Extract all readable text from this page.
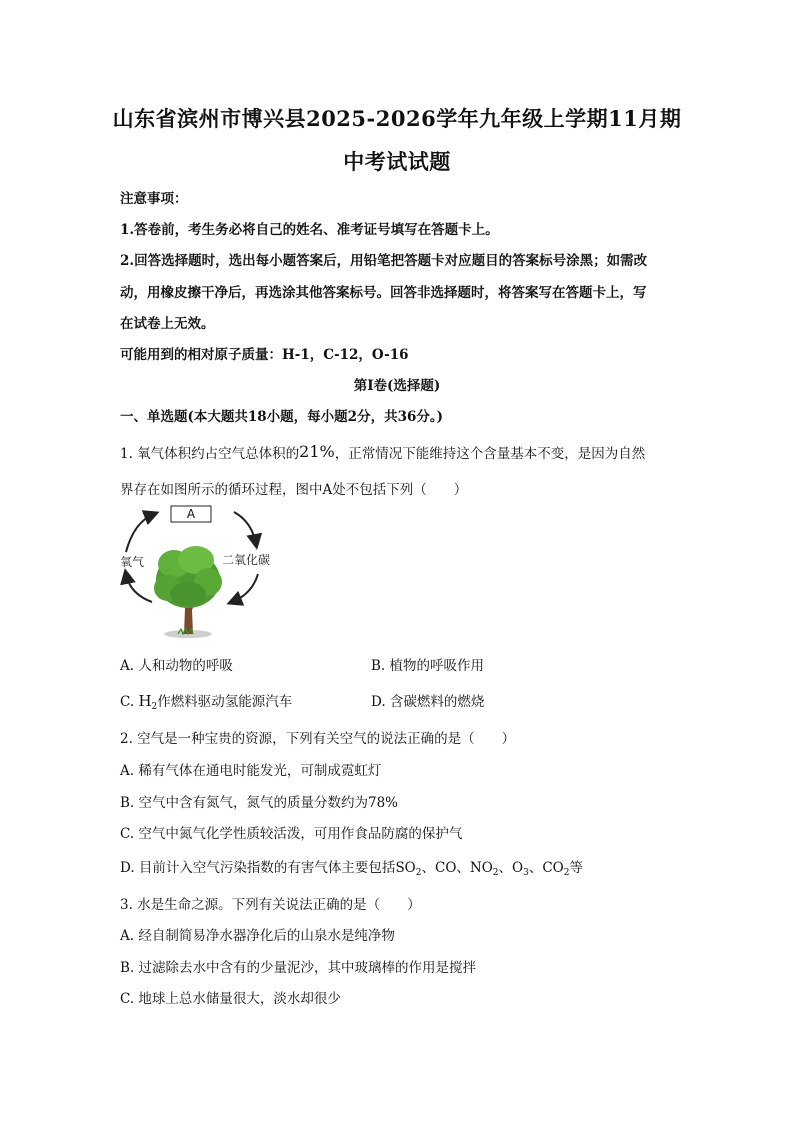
山东省滨州市博兴县2025-2026学年九年级上学期11月期
中考试试题
注意事项：
1.答卷前，考生务必将自己的姓名、准考证号填写在答题卡上。
2.回答选择题时，选出每小题答案后，用铅笔把答题卡对应题目的答案标号涂黑；如需改
动，用橡皮擦干净后，再选涂其他答案标号。回答非选择题时，将答案写在答题卡上，写
在试卷上无效。
可能用到的相对原子质量：H-1，C-12，O-16
第Ⅰ卷(选择题)
一、单选题(本大题共18小题，每小题2分，共36分。)
1. 氧气体积约占空气总体积的21%，正常情况下能维持这个含量基本不变，是因为自然
界存在如图所示的循环过程，图中A处不包括下列（　　）
A
氧气	二氧化碳
A. 人和动物的呼吸	B. 植物的呼吸作用
C. $H_2$作燃料驱动氢能源汽车	D. 含碳燃料的燃烧
2. 空气是一种宝贵的资源，下列有关空气的说法正确的是（　　）
A. 稀有气体在通电时能发光，可制成霓虹灯
B. 空气中含有氮气，氮气的质量分数约为78%
C. 空气中氮气化学性质较活泼，可用作食品防腐的保护气
D. 目前计入空气污染指数的有害气体主要包括$SO_2$、CO、$NO_2$、$O_3$、$CO_2$等
3. 水是生命之源。下列有关说法正确的是（　　）
A. 经自制简易净水器净化后的山泉水是纯净物
B. 过滤除去水中含有的少量泥沙，其中玻璃棒的作用是搅拌
C. 地球上总水储量很大，淡水却很少
